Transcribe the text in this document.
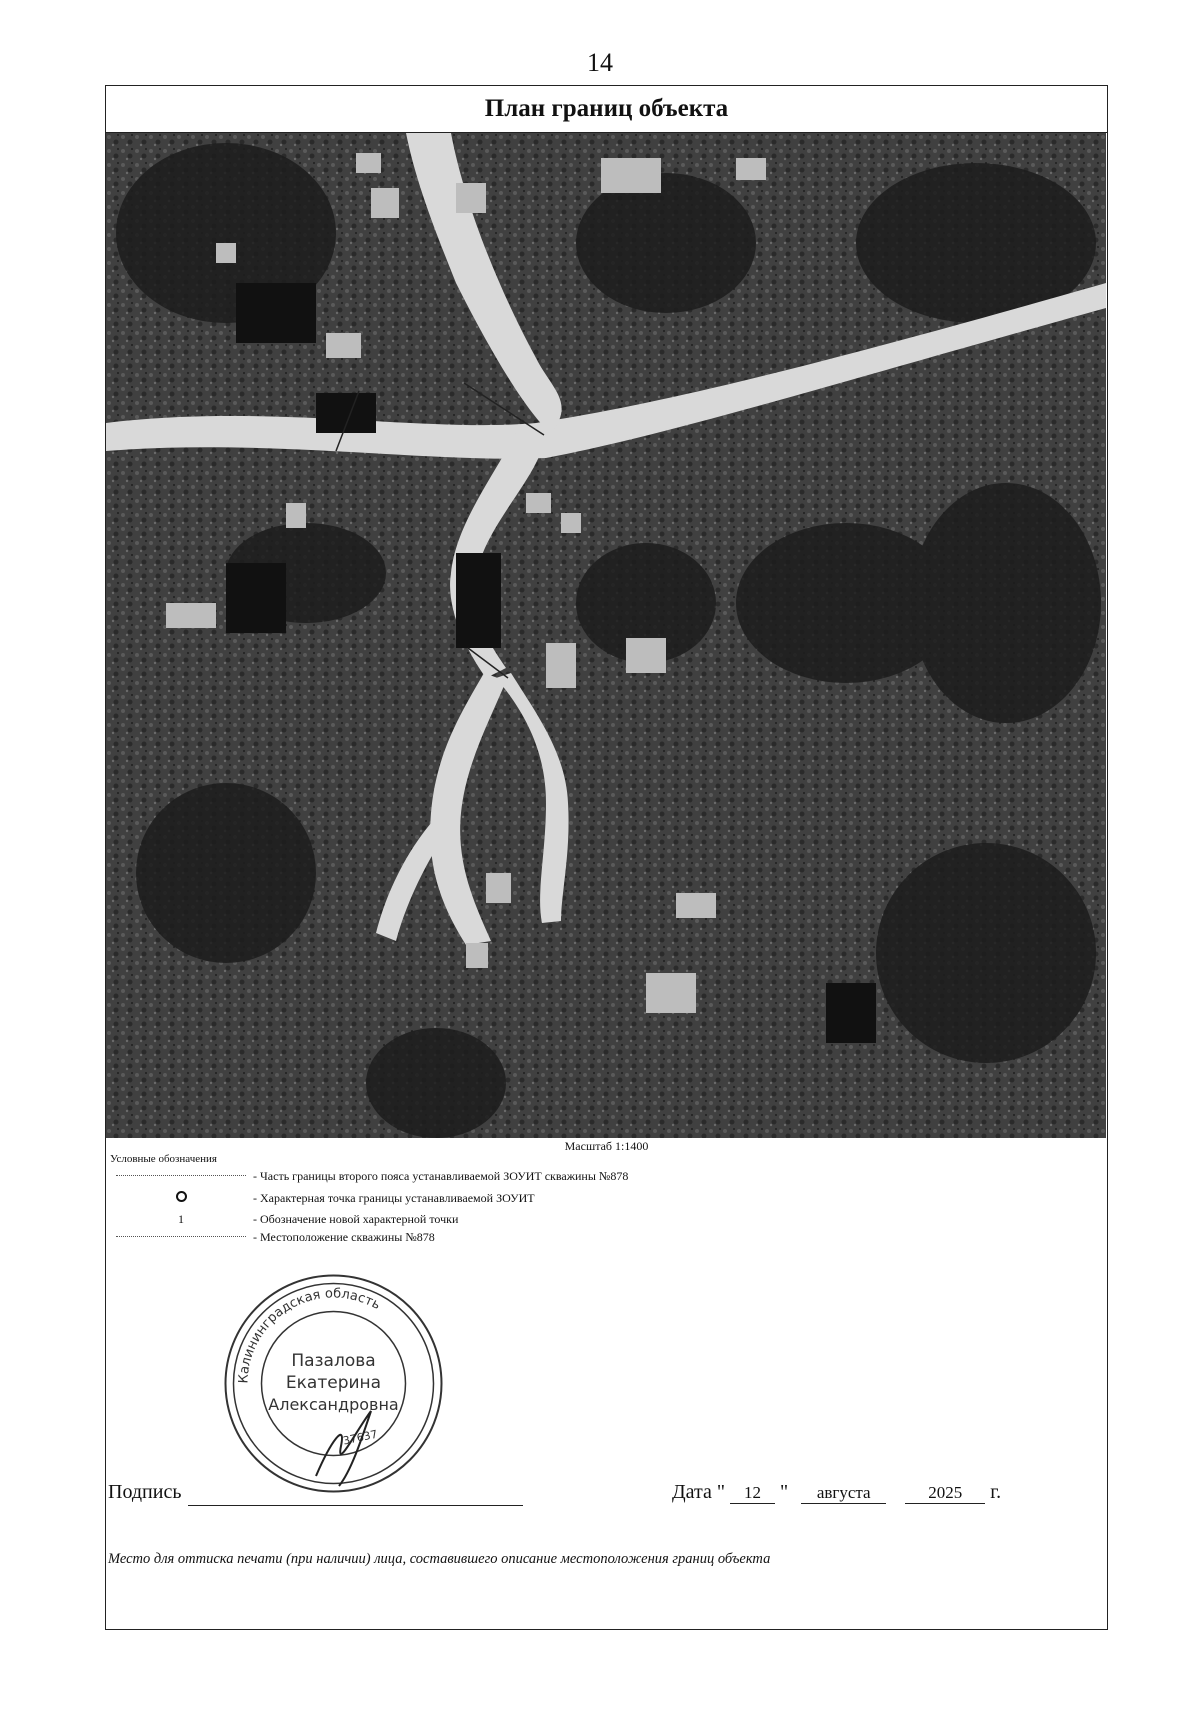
14
План границ объекта
Масштаб 1:1400
Условные обозначения
- Часть границы второго пояса устанавливаемой ЗОУИТ скважины №878
- Характерная точка границы устанавливаемой ЗОУИТ
1	- Обозначение новой характерной точки
- Местоположение скважины №878
Калининградская область
Пазалова
Екатерина
Александровна
37637
Подпись	Дата " 12 " августа	2025 г.
Место для оттиска печати (при наличии) лица, составившего описание местоположения границ объекта
